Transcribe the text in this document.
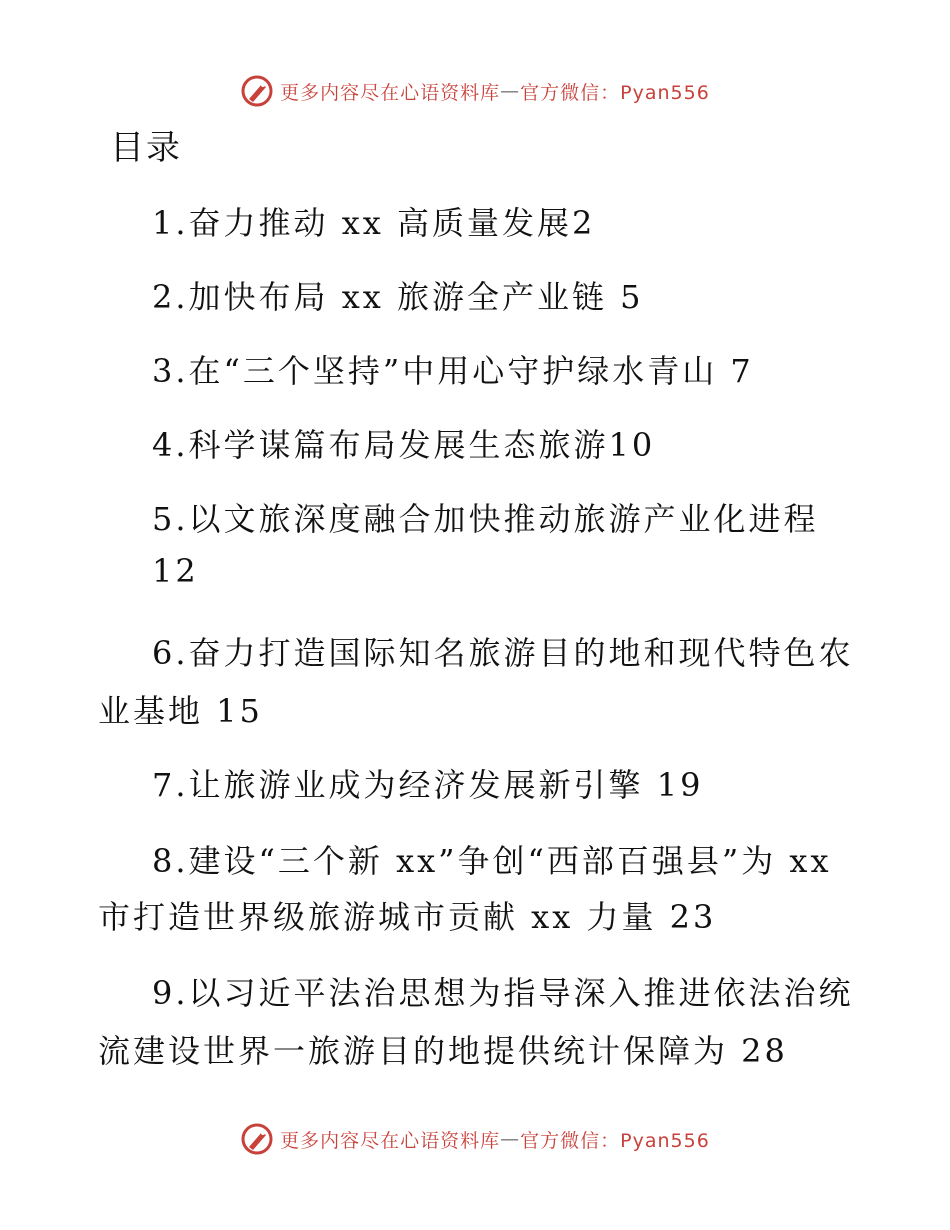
更多内容尽在心语资料库 — 官方微信：Pyan556
目录
1.奋力推动 xx 高质量发展2
2.加快布局 xx 旅游全产业链 5
3.在“三个坚持”中用心守护绿水青山 7
4.科学谋篇布局发展生态旅游10
5.以文旅深度融合加快推动旅游产业化进程
12
6.奋力打造国际知名旅游目的地和现代特色农
业基地 15
7.让旅游业成为经济发展新引擎 19
8.建设“三个新 xx”争创“西部百强县”为 xx
市打造世界级旅游城市贡献 xx 力量 23
9.以习近平法治思想为指导深入推进依法治统
流建设世界一旅游目的地提供统计保障为 28
更多内容尽在心语资料库 — 官方微信：Pyan556
